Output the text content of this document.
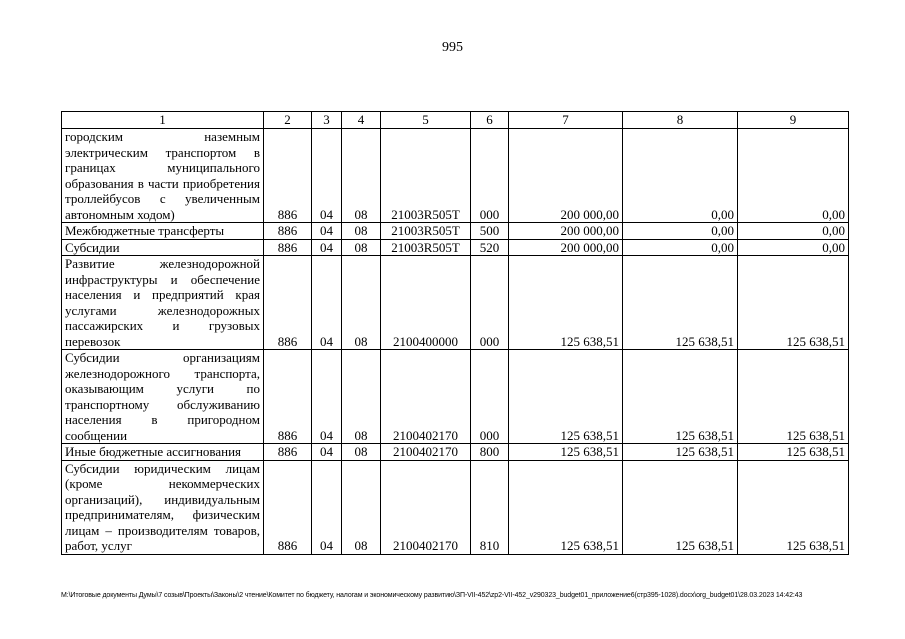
995
1	2	3	4	5	6	7	8	9
городским наземным электрическим транспортом в границах муниципального образования в части приобретения троллейбусов с увеличенным автономным ходом)	886	04	08	21003R505T	000	200 000,00	0,00	0,00
Межбюджетные трансферты	886	04	08	21003R505T	500	200 000,00	0,00	0,00
Субсидии	886	04	08	21003R505T	520	200 000,00	0,00	0,00
Развитие железнодорожной инфраструктуры и обеспечение населения и предприятий края услугами железнодорожных пассажирских и грузовых перевозок	886	04	08	2100400000	000	125 638,51	125 638,51	125 638,51
Субсидии организациям железнодорожного транспорта, оказывающим услуги по транспортному обслуживанию населения в пригородном сообщении	886	04	08	2100402170	000	125 638,51	125 638,51	125 638,51
Иные бюджетные ассигнования	886	04	08	2100402170	800	125 638,51	125 638,51	125 638,51
Субсидии юридическим лицам (кроме некоммерческих организаций), индивидуальным предпринимателям, физическим лицам – производителям товаров, работ, услуг	886	04	08	2100402170	810	125 638,51	125 638,51	125 638,51
M:\Итоговые документы Думы\7 созыв\Проекты\Законы\2 чтение\Комитет по бюджету, налогам и экономическому развитию\ЗП-VII-452\zp2-VII-452_v290323_budget01_приложение6(стр395-1028).docx\org_budget01\28.03.2023 14:42:43
